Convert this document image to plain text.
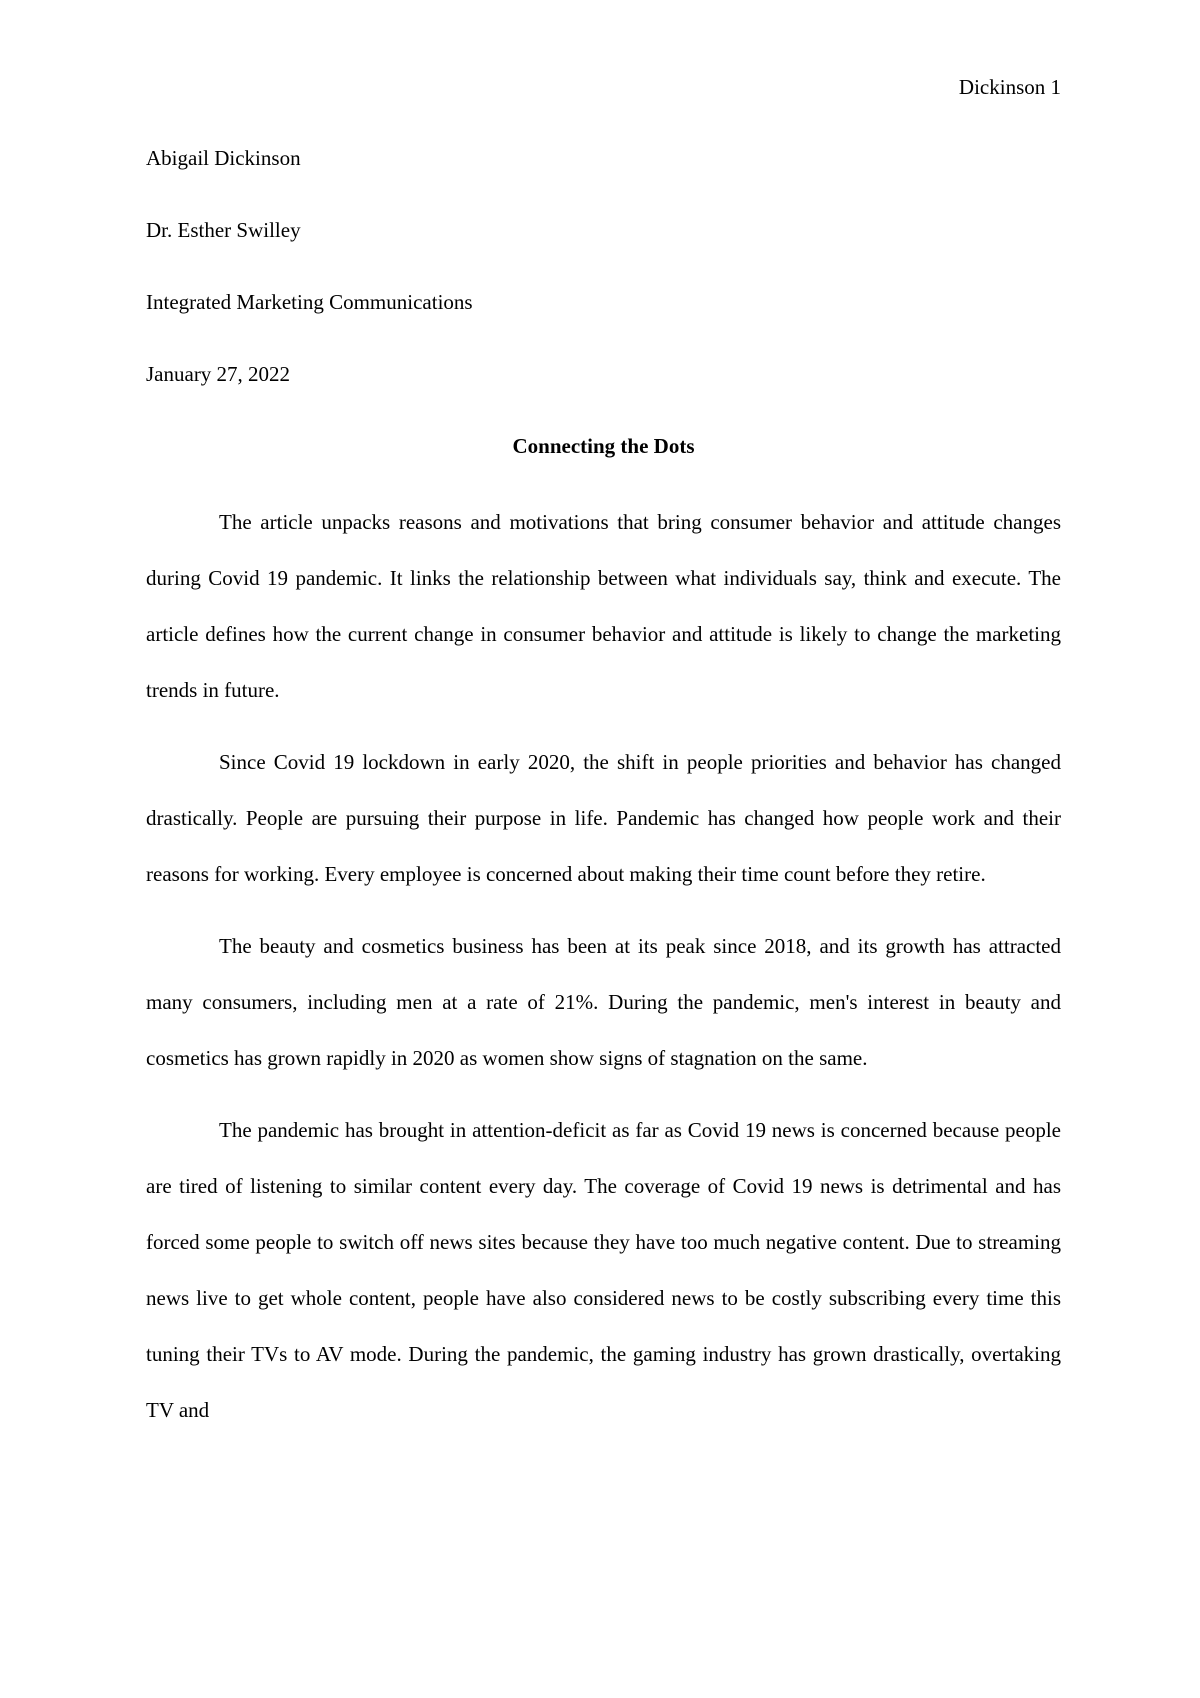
Dickinson 1
Abigail Dickinson
Dr. Esther Swilley
Integrated Marketing Communications
January 27, 2022
Connecting the Dots

The article unpacks reasons and motivations that bring consumer behavior and attitude changes during Covid 19 pandemic. It links the relationship between what individuals say, think and execute. The article defines how the current change in consumer behavior and attitude is likely to change the marketing trends in future.

Since Covid 19 lockdown in early 2020, the shift in people priorities and behavior has changed drastically. People are pursuing their purpose in life. Pandemic has changed how people work and their reasons for working. Every employee is concerned about making their time count before they retire.

The beauty and cosmetics business has been at its peak since 2018, and its growth has attracted many consumers, including men at a rate of 21%. During the pandemic, men's interest in beauty and cosmetics has grown rapidly in 2020 as women show signs of stagnation on the same.

The pandemic has brought in attention-deficit as far as Covid 19 news is concerned because people are tired of listening to similar content every day. The coverage of Covid 19 news is detrimental and has forced some people to switch off news sites because they have too much negative content. Due to streaming news live to get whole content, people have also considered news to be costly subscribing every time this tuning their TVs to AV mode. During the pandemic, the gaming industry has grown drastically, overtaking TV and
